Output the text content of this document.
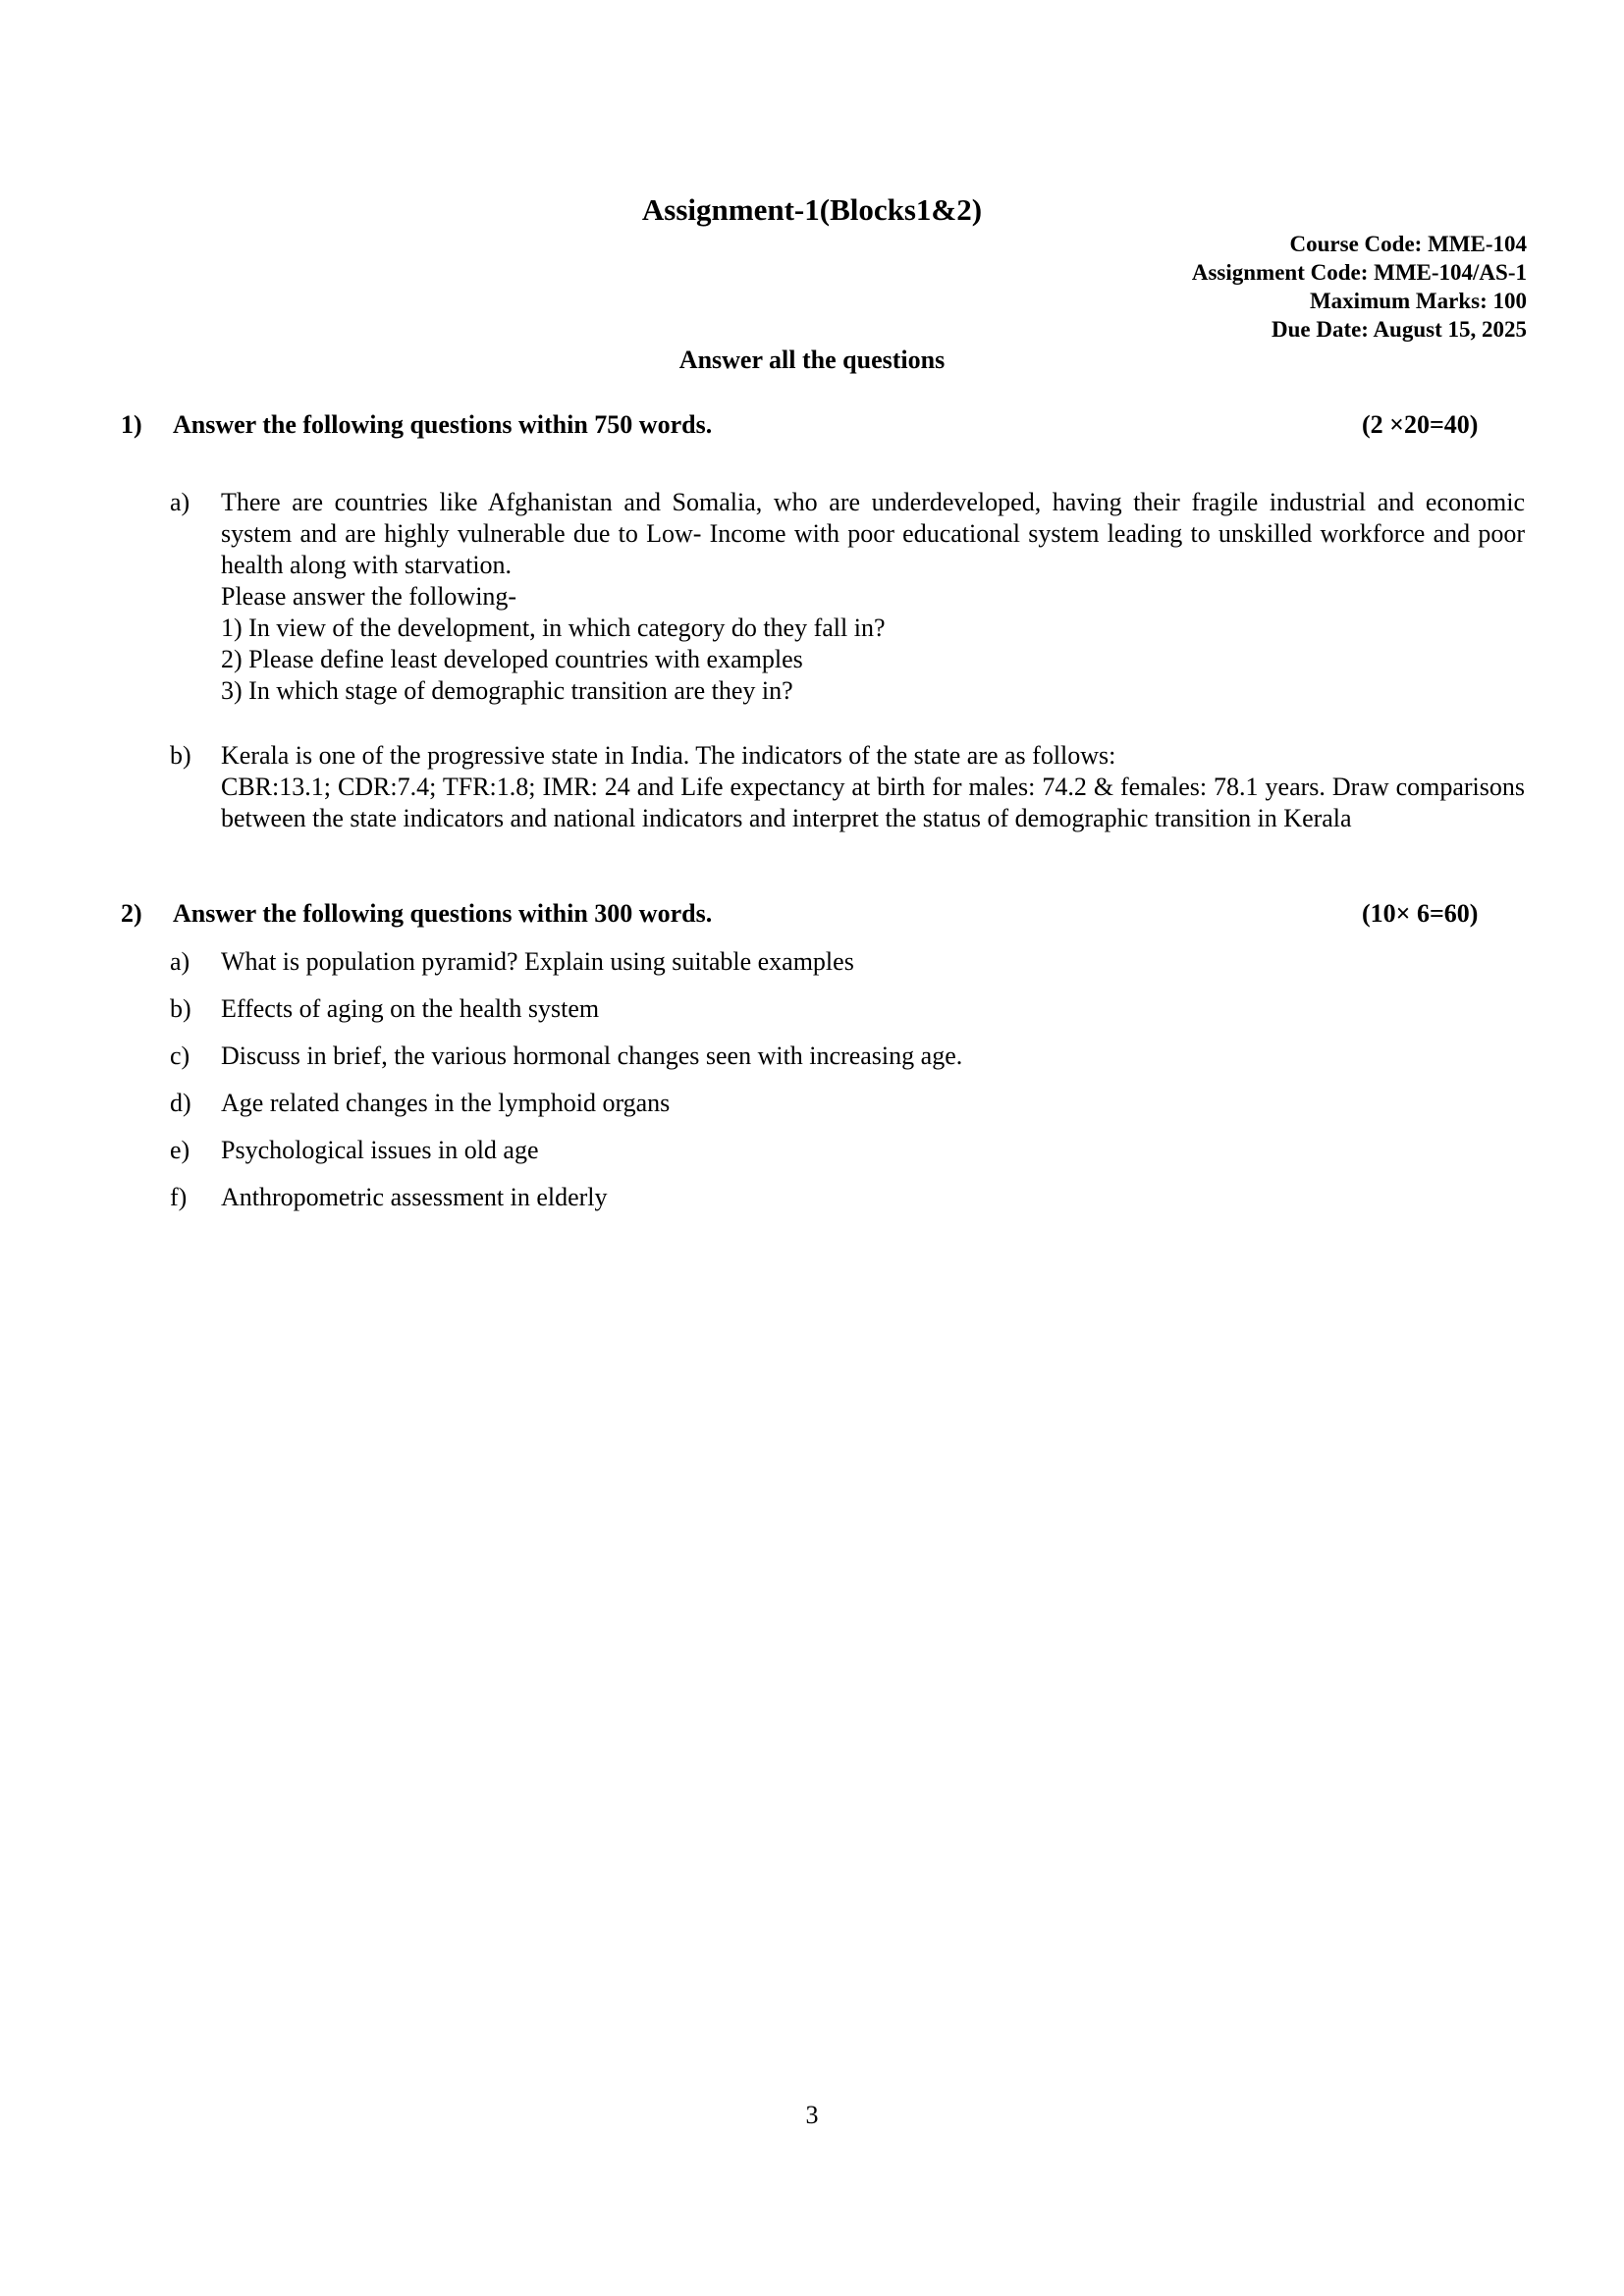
Assignment-1(Blocks1&2)
Course Code: MME-104
Assignment Code: MME-104/AS-1
Maximum Marks: 100
Due Date: August 15, 2025
Answer all the questions
1) Answer the following questions within 750 words.	(2 ×20=40)
a) There are countries like Afghanistan and Somalia, who are underdeveloped, having their fragile industrial and economic system and are highly vulnerable due to Low- Income with poor educational system leading to unskilled workforce and poor health along with starvation.
Please answer the following-
1) In view of the development, in which category do they fall in?
2) Please define least developed countries with examples
3) In which stage of demographic transition are they in?
b) Kerala is one of the progressive state in India. The indicators of the state are as follows:
CBR:13.1; CDR:7.4; TFR:1.8; IMR: 24 and Life expectancy at birth for males: 74.2 & females: 78.1 years. Draw comparisons between the state indicators and national indicators and interpret the status of demographic transition in Kerala
2) Answer the following questions within 300 words.	(10× 6=60)
a) What is population pyramid? Explain using suitable examples
b) Effects of aging on the health system
c) Discuss in brief, the various hormonal changes seen with increasing age.
d) Age related changes in the lymphoid organs
e) Psychological issues in old age
f) Anthropometric assessment in elderly
3
